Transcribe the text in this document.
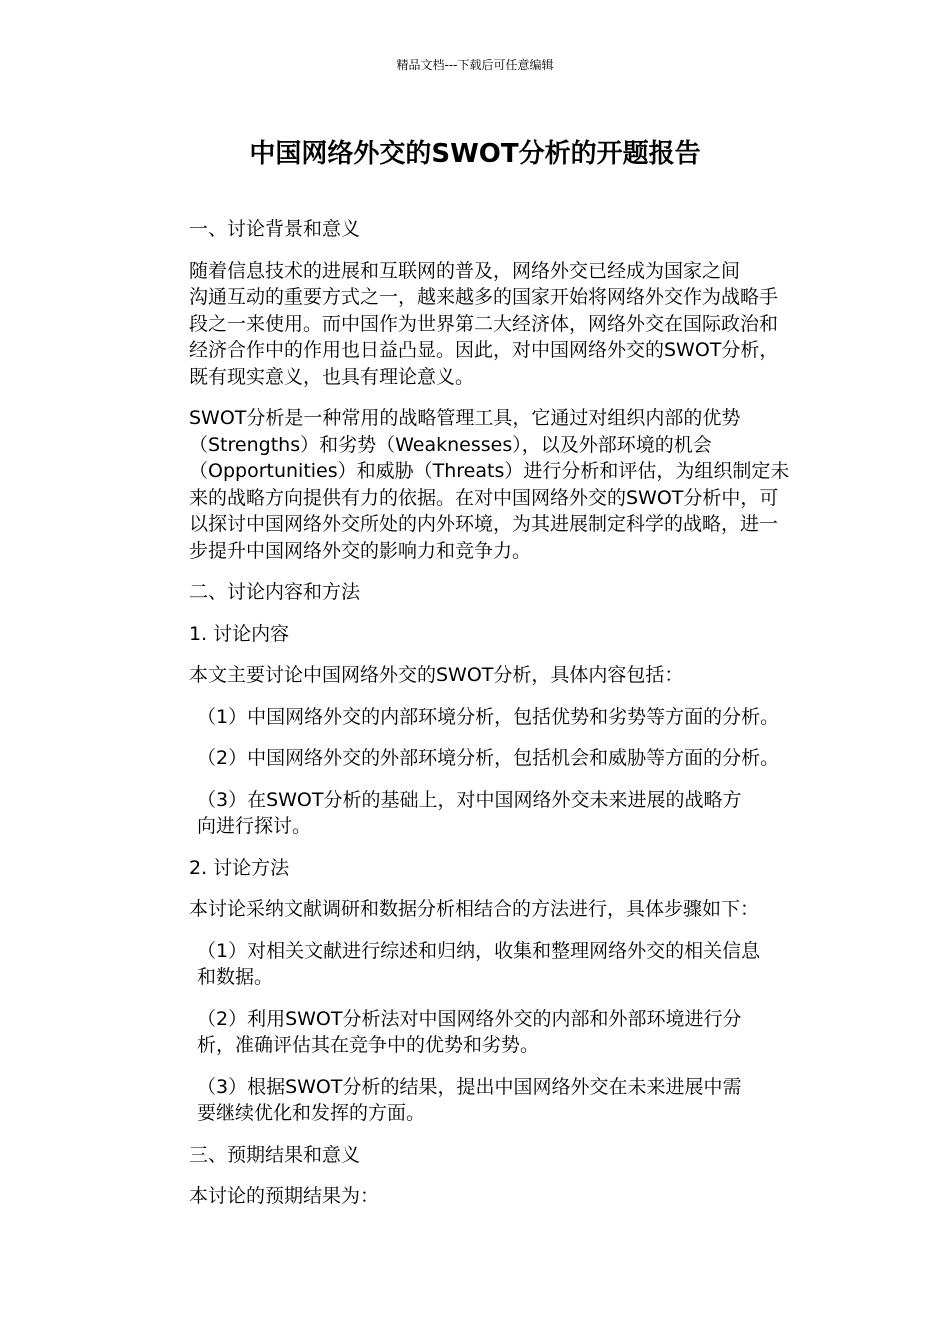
精品文档---下载后可任意编辑
中国网络外交的SWOT分析的开题报告

一、讨论背景和意义

随着信息技术的进展和互联网的普及，网络外交已经成为国家之间
沟通互动的重要方式之一，越来越多的国家开始将网络外交作为战略手
段之一来使用。而中国作为世界第二大经济体，网络外交在国际政治和
经济合作中的作用也日益凸显。因此，对中国网络外交的SWOT分析，
既有现实意义，也具有理论意义。

SWOT分析是一种常用的战略管理工具，它通过对组织内部的优势
（Strengths）和劣势（Weaknesses），以及外部环境的机会
（Opportunities）和威胁（Threats）进行分析和评估，为组织制定未
来的战略方向提供有力的依据。在对中国网络外交的SWOT分析中，可
以探讨中国网络外交所处的内外环境，为其进展制定科学的战略，进一
步提升中国网络外交的影响力和竞争力。

二、讨论内容和方法

1. 讨论内容

本文主要讨论中国网络外交的SWOT分析，具体内容包括：

（1）中国网络外交的内部环境分析，包括优势和劣势等方面的分析。

（2）中国网络外交的外部环境分析，包括机会和威胁等方面的分析。

（3）在SWOT分析的基础上，对中国网络外交未来进展的战略方
向进行探讨。

2. 讨论方法

本讨论采纳文献调研和数据分析相结合的方法进行，具体步骤如下：

（1）对相关文献进行综述和归纳，收集和整理网络外交的相关信息
和数据。

（2）利用SWOT分析法对中国网络外交的内部和外部环境进行分
析，准确评估其在竞争中的优势和劣势。

（3）根据SWOT分析的结果，提出中国网络外交在未来进展中需
要继续优化和发挥的方面。

三、预期结果和意义

本讨论的预期结果为：
